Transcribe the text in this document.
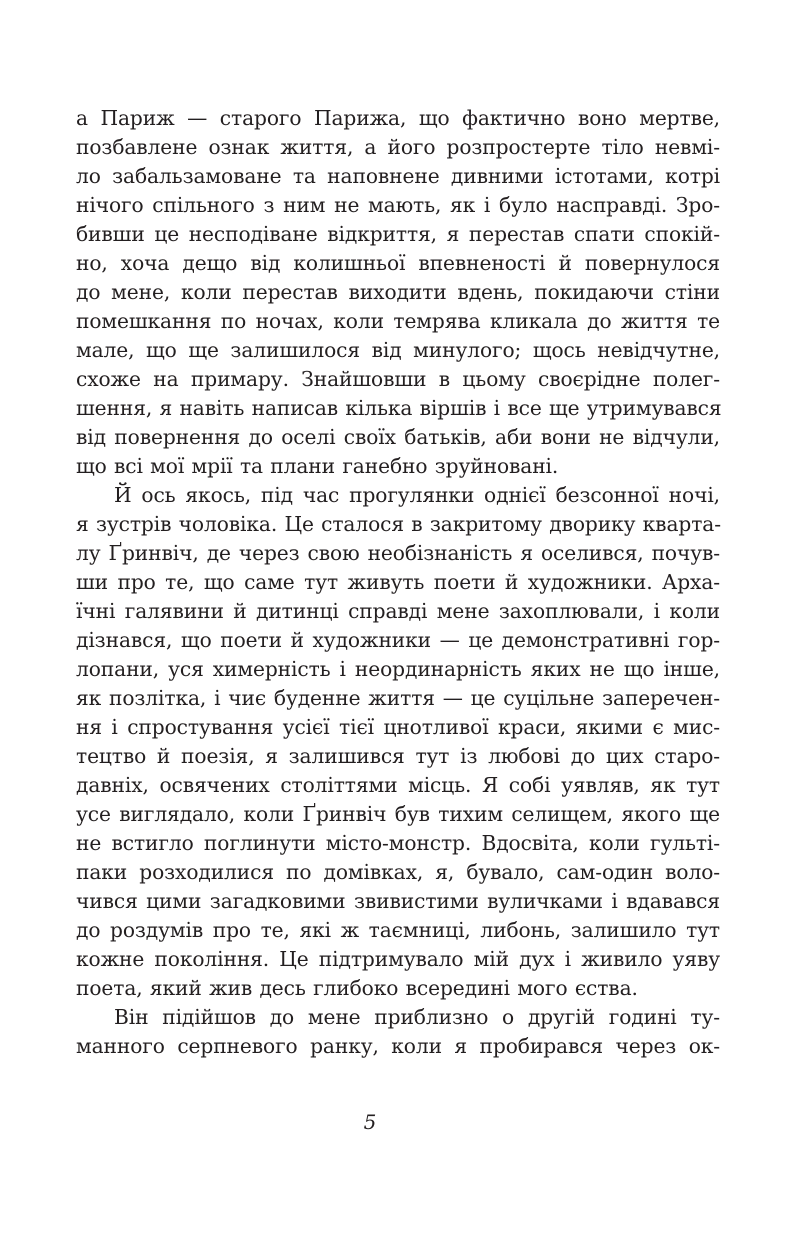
а Париж — старого Парижа, що фактично воно мертве,
позбавлене ознак життя, а його розпростерте тіло невмі-
ло забальзамоване та наповнене дивними істотами, котрі
нічого спільного з ним не мають, як і було насправді. Зро-
бивши це несподіване відкриття, я перестав спати спокій-
но, хоча дещо від колишньої впевненості й повернулося
до мене, коли перестав виходити вдень, покидаючи стіни
помешкання по ночах, коли темрява кликала до життя те
мале, що ще залишилося від минулого; щось невідчутне,
схоже на примару. Знайшовши в цьому своєрідне полег-
шення, я навіть написав кілька віршів і все ще утримувався
від повернення до оселі своїх батьків, аби вони не відчули,
що всі мої мрії та плани ганебно зруйновані.
Й ось якось, під час прогулянки однієї безсонної ночі,
я зустрів чоловіка. Це сталося в закритому дворику кварта-
лу Ґринвіч, де через свою необізнаність я оселився, почув-
ши про те, що саме тут живуть поети й художники. Арха-
їчні галявини й дитинці справді мене захоплювали, і коли
дізнався, що поети й художники — це демонстративні гор-
лопани, уся химерність і неординарність яких не що інше,
як позлітка, і чиє буденне життя — це суцільне заперечен-
ня і спростування усієї тієї цнотливої краси, якими є мис-
тецтво й поезія, я залишився тут із любові до цих старо-
давніх, освячених століттями місць. Я собі уявляв, як тут
усе виглядало, коли Ґринвіч був тихим селищем, якого ще
не встигло поглинути місто-монстр. Вдосвіта, коли гульті-
паки розходилися по домівках, я, бувало, сам-один воло-
чився цими загадковими звивистими вуличками і вдавався
до роздумів про те, які ж таємниці, либонь, залишило тут
кожне покоління. Це підтримувало мій дух і живило уяву
поета, який жив десь глибоко всередині мого єства.
Він підійшов до мене приблизно о другій годині ту-
манного серпневого ранку, коли я пробирався через ок-
5
